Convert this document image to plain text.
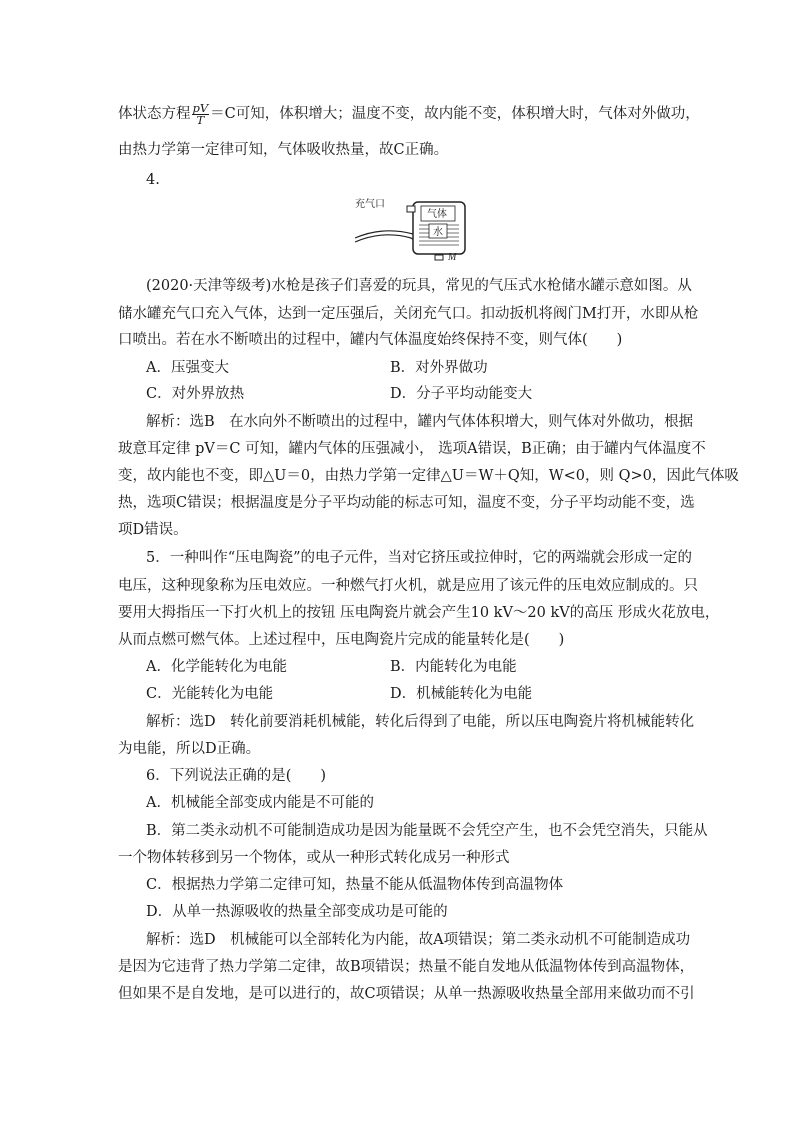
体状态方程 $\frac{pV}{T} =C$可知，体积增大；温度不变，故内能不变，体积增大时，气体对外做功，
由热力学第一定律可知，气体吸收热量，故C正确。
4.
充气口
气体
水
M
(2020·天津等级考)水枪是孩子们喜爱的玩具，常见的气压式水枪储水罐示意如图。从
储水罐充气口充入气体，达到一定压强后，关闭充气口。扣动扳机将阀门M打开，水即从枪
口喷出。若在水不断喷出的过程中，罐内气体温度始终保持不变，则气体(　　)
A．压强变大	B．对外界做功
C．对外界放热	D．分子平均动能变大
解析：选B　在水向外不断喷出的过程中，罐内气体体积增大，则气体对外做功，根据
玻意耳定律 pV＝C 可知，罐内气体的压强减小， 选项A错误，B正确；由于罐内气体温度不
变，故内能也不变，即△U＝0，由热力学第一定律△U＝W＋Q知，W<0，则 Q>0，因此气体吸
热，选项C错误；根据温度是分子平均动能的标志可知，温度不变，分子平均动能不变，选
项D错误。
5．一种叫作“压电陶瓷”的电子元件，当对它挤压或拉伸时，它的两端就会形成一定的
电压，这种现象称为压电效应。一种燃气打火机，就是应用了该元件的压电效应制成的。只
要用大拇指压一下打火机上的按钮 压电陶瓷片就会产生10 kV～20 kV的高压 形成火花放电，
从而点燃可燃气体。上述过程中，压电陶瓷片完成的能量转化是(　　)
A．化学能转化为电能	B．内能转化为电能
C．光能转化为电能	D．机械能转化为电能
解析：选D　转化前要消耗机械能，转化后得到了电能，所以压电陶瓷片将机械能转化
为电能，所以D正确。
6．下列说法正确的是(　　)
A．机械能全部变成内能是不可能的
B．第二类永动机不可能制造成功是因为能量既不会凭空产生，也不会凭空消失，只能从
一个物体转移到另一个物体，或从一种形式转化成另一种形式
C．根据热力学第二定律可知，热量不能从低温物体传到高温物体
D．从单一热源吸收的热量全部变成功是可能的
解析：选D　机械能可以全部转化为内能，故A项错误；第二类永动机不可能制造成功
是因为它违背了热力学第二定律，故B项错误；热量不能自发地从低温物体传到高温物体，
但如果不是自发地，是可以进行的，故C项错误；从单一热源吸收热量全部用来做功而不引
